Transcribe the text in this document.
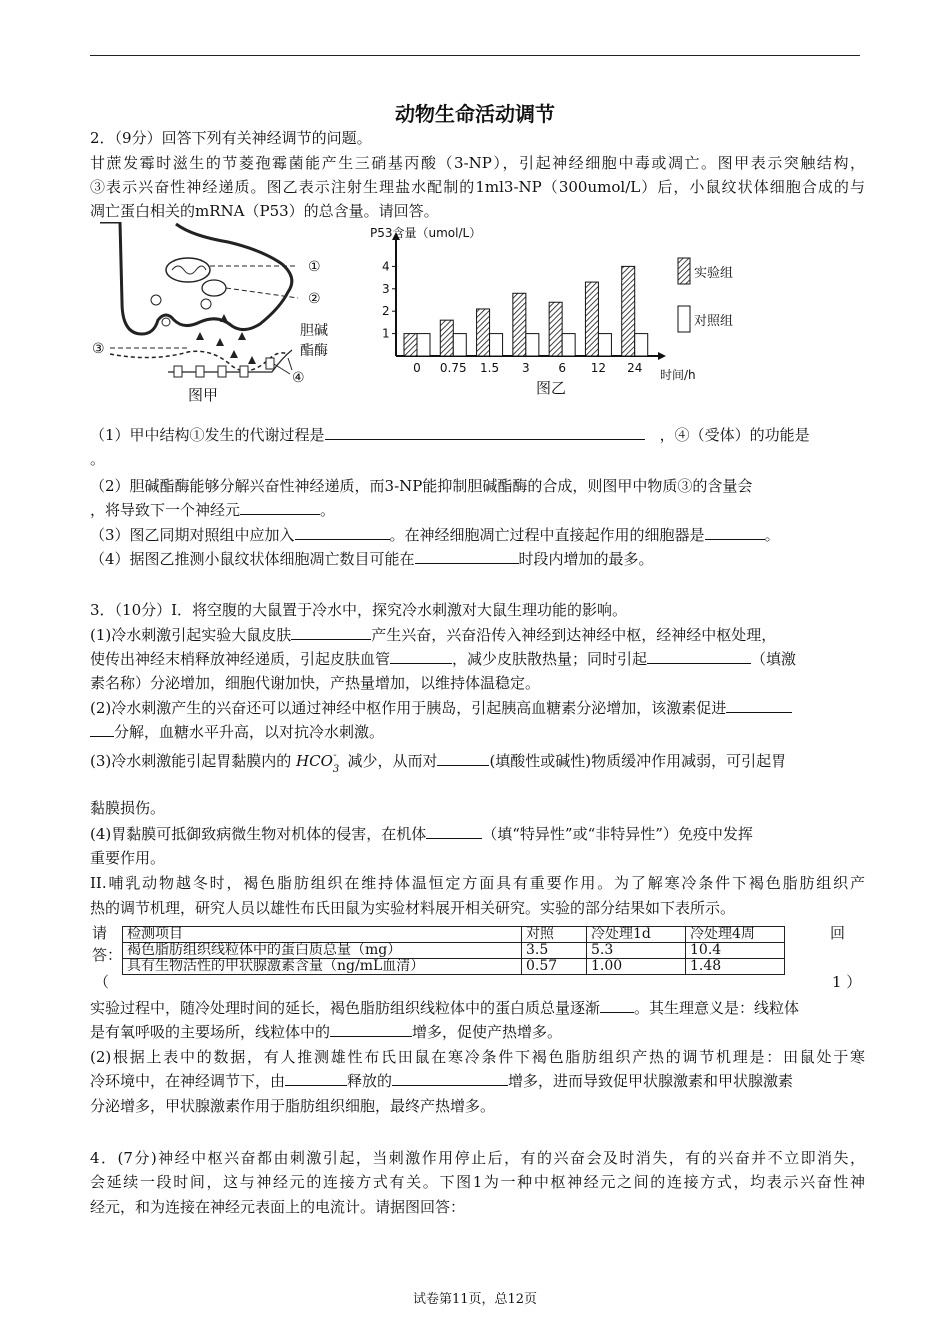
动物生命活动调节
2．（9分）回答下列有关神经调节的问题。
甘蔗发霉时滋生的节菱孢霉菌能产生三硝基丙酸（3-NP），引起神经细胞中毒或凋亡。图甲表示突触结构，
③表示兴奋性神经递质。图乙表示注射生理盐水配制的1ml3-NP（300umol/L）后，小鼠纹状体细胞合成的与
凋亡蛋白相关的mRNA（P53）的总含量。请回答。
①
②
③
④
胆碱
酯酶
图甲
1
2
3
4
0 0.75 1.5 3 6 12 24
P53含量（umol/L）
时间/h
图乙
实验组
对照组
（1）甲中结构①发生的代谢过程是　	，④（受体）的功能是
。
（2）胆碱酯酶能够分解兴奋性神经递质，而3-NP能抑制胆碱酯酶的合成，则图甲中物质③的含量会
，将导致下一个神经元	。
（3）图乙同期对照组中应加入	。在神经细胞凋亡过程中直接起作用的细胞器是	。
（4）据图乙推测小鼠纹状体细胞凋亡数目可能在	时段内增加的最多。
3．（10分）I．将空腹的大鼠置于冷水中，探究冷水刺激对大鼠生理功能的影响。
(1)冷水刺激引起实验大鼠皮肤	产生兴奋，兴奋沿传入神经到达神经中枢，经神经中枢处理，
使传出神经末梢释放神经递质，引起皮肤血管	，减少皮肤散热量；同时引起	（填激
素名称）分泌增加，细胞代谢加快，产热量增加，以维持体温稳定。
(2)冷水刺激产生的兴奋还可以通过神经中枢作用于胰岛，引起胰高血糖素分泌增加，该激素促进
分解，血糖水平升高，以对抗冷水刺激。
(3)冷水刺激能引起胃黏膜内的 $HCO_3^-$ 减少，从而对	(填酸性或碱性)物质缓冲作用减弱，可引起胃
黏膜损伤。
(4)胃黏膜可抵御致病微生物对机体的侵害，在机体	（填“特异性”或“非特异性”）免疫中发挥
重要作用。
II.哺乳动物越冬时，褐色脂肪组织在维持体温恒定方面具有重要作用。为了解寒冷条件下褐色脂肪组织产
热的调节机理，研究人员以雄性布氏田鼠为实验材料展开相关研究。实验的部分结果如下表所示。
请
答：
回
检测项目	对照	冷处理1d	冷处理4周
褐色脂肪组织线粒体中的蛋白质总量（mg）	3.5	5.3	10.4
具有生物活性的甲状腺激素含量（ng/mL血清）	0.57	1.00	1.48
（	1 ）
实验过程中，随冷处理时间的延长，褐色脂肪组织线粒体中的蛋白质总量逐渐 。其生理意义是：线粒体
是有氧呼吸的主要场所，线粒体中的	增多，促使产热增多。
(2)根据上表中的数据，有人推测雄性布氏田鼠在寒冷条件下褐色脂肪组织产热的调节机理是：田鼠处于寒
冷环境中，在神经调节下，由	释放的	增多，进而导致促甲状腺激素和甲状腺激素
分泌增多，甲状腺激素作用于脂肪组织细胞，最终产热增多。
4．(7分)神经中枢兴奋都由刺激引起，当刺激作用停止后，有的兴奋会及时消失，有的兴奋并不立即消失，
会延续一段时间，这与神经元的连接方式有关。下图1为一种中枢神经元之间的连接方式，均表示兴奋性神
经元，和为连接在神经元表面上的电流计。请据图回答：
试卷第11页，总12页
